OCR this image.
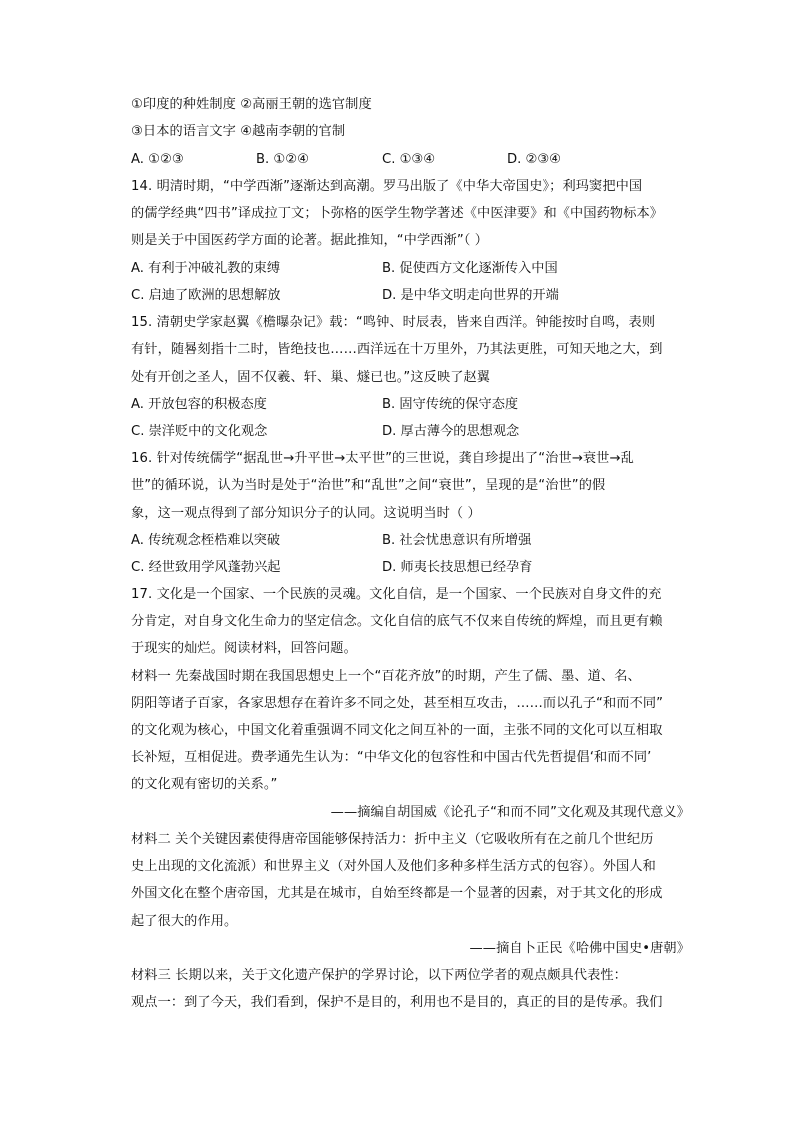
①印度的种姓制度 ②高丽王朝的选官制度
③日本的语言文字 ④越南李朝的官制
A. ①②③	B. ①②④	C. ①③④	D. ②③④
14. 明清时期，“中学西渐”逐渐达到高潮。罗马出版了《中华大帝国史》；利玛窦把中国
的儒学经典“四书”译成拉丁文；卜弥格的医学生物学著述《中医津要》和《中国药物标本》
则是关于中国医药学方面的论著。据此推知，“中学西渐”（ ）
A. 有利于冲破礼教的束缚	B. 促使西方文化逐渐传入中国
C. 启迪了欧洲的思想解放	D. 是中华文明走向世界的开端
15. 清朝史学家赵翼《檐曝杂记》载：“鸣钟、时辰表，皆来自西洋。钟能按时自鸣，表则
有针，随晷刻指十二时，皆绝技也……西洋远在十万里外，乃其法更胜，可知天地之大，到
处有开创之圣人，固不仅羲、轩、巢、燧已也。”这反映了赵翼
A. 开放包容的积极态度	B. 固守传统的保守态度
C. 崇洋贬中的文化观念	D. 厚古薄今的思想观念
16. 针对传统儒学“据乱世→升平世→太平世”的三世说，龚自珍提出了“治世→衰世→乱
世”的循环说，认为当时是处于“治世”和“乱世”之间“衰世”，呈现的是“治世”的假
象，这一观点得到了部分知识分子的认同。这说明当时（ ）
A. 传统观念桎梏难以突破	B. 社会忧患意识有所增强
C. 经世致用学风蓬勃兴起	D. 师夷长技思想已经孕育
17. 文化是一个国家、一个民族的灵魂。文化自信，是一个国家、一个民族对自身文件的充
分肯定，对自身文化生命力的坚定信念。文化自信的底气不仅来自传统的辉煌，而且更有赖
于现实的灿烂。阅读材料，回答问题。
材料一 先秦战国时期在我国思想史上一个“百花齐放”的时期，产生了儒、墨、道、名、
阴阳等诸子百家，各家思想存在着许多不同之处，甚至相互攻击，……而以孔子“和而不同”
的文化观为核心，中国文化着重强调不同文化之间互补的一面，主张不同的文化可以互相取
长补短，互相促进。费孝通先生认为：“中华文化的包容性和中国古代先哲提倡‘和而不同’
的文化观有密切的关系。”
——摘编自胡国威《论孔子“和而不同”文化观及其现代意义》
材料二 关个关键因素使得唐帝国能够保持活力：折中主义（它吸收所有在之前几个世纪历
史上出现的文化流派）和世界主义（对外国人及他们多种多样生活方式的包容）。外国人和
外国文化在整个唐帝国，尤其是在城市，自始至终都是一个显著的因素，对于其文化的形成
起了很大的作用。
——摘自卜正民《哈佛中国史•唐朝》
材料三 长期以来，关于文化遗产保护的学界讨论，以下两位学者的观点颇具代表性：
观点一：到了今天，我们看到，保护不是目的，利用也不是目的，真正的目的是传承。我们
